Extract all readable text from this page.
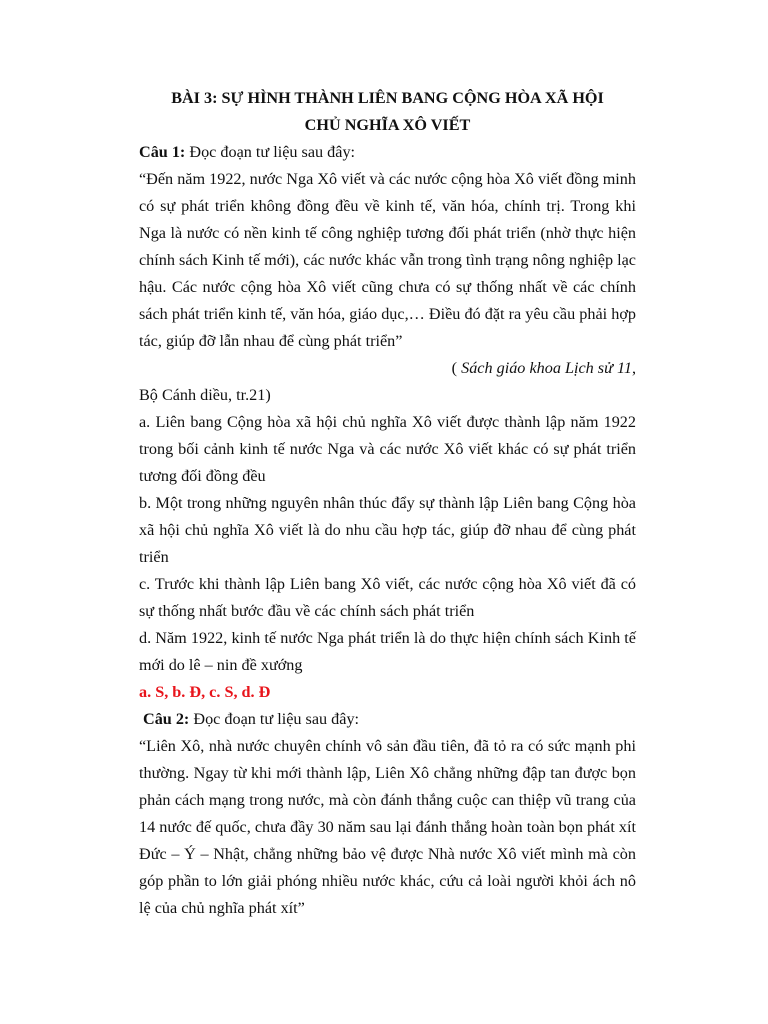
BÀI 3: SỰ HÌNH THÀNH LIÊN BANG CỘNG HÒA XÃ HỘI
CHỦ NGHĨA XÔ VIẾT

Câu 1: Đọc đoạn tư liệu sau đây:

“Đến năm 1922, nước Nga Xô viết và các nước cộng hòa Xô viết đồng minh có sự phát triển không đồng đều về kinh tế, văn hóa, chính trị. Trong khi Nga là nước có nền kinh tế công nghiệp tương đối phát triển (nhờ thực hiện chính sách Kinh tế mới), các nước khác vẫn trong tình trạng nông nghiệp lạc hậu. Các nước cộng hòa Xô viết cũng chưa có sự thống nhất về các chính sách phát triển kinh tế, văn hóa, giáo dục,… Điều đó đặt ra yêu cầu phải hợp tác, giúp đỡ lẫn nhau để cùng phát triển”

( Sách giáo khoa Lịch sử 11,

Bộ Cánh diều, tr.21)

a. Liên bang Cộng hòa xã hội chủ nghĩa Xô viết được thành lập năm 1922 trong bối cảnh kinh tế nước Nga và các nước Xô viết khác có sự phát triển tương đối đồng đều

b. Một trong những nguyên nhân thúc đẩy sự thành lập Liên bang Cộng hòa xã hội chủ nghĩa Xô viết là do nhu cầu hợp tác, giúp đỡ nhau để cùng phát triển

c. Trước khi thành lập Liên bang Xô viết, các nước cộng hòa Xô viết đã có sự thống nhất bước đầu về các chính sách phát triển

d. Năm 1922, kinh tế nước Nga phát triển là do thực hiện chính sách Kinh tế mới do lê – nin đề xướng

a. S, b. Đ, c. S, d. Đ

Câu 2: Đọc đoạn tư liệu sau đây:

“Liên Xô, nhà nước chuyên chính vô sản đầu tiên, đã tỏ ra có sức mạnh phi thường. Ngay từ khi mới thành lập, Liên Xô chẳng những đập tan được bọn phản cách mạng trong nước, mà còn đánh thắng cuộc can thiệp vũ trang của 14 nước đế quốc, chưa đầy 30 năm sau lại đánh thắng hoàn toàn bọn phát xít Đức – Ý – Nhật, chẳng những bảo vệ được Nhà nước Xô viết mình mà còn góp phần to lớn giải phóng nhiều nước khác, cứu cả loài người khỏi ách nô lệ của chủ nghĩa phát xít”
